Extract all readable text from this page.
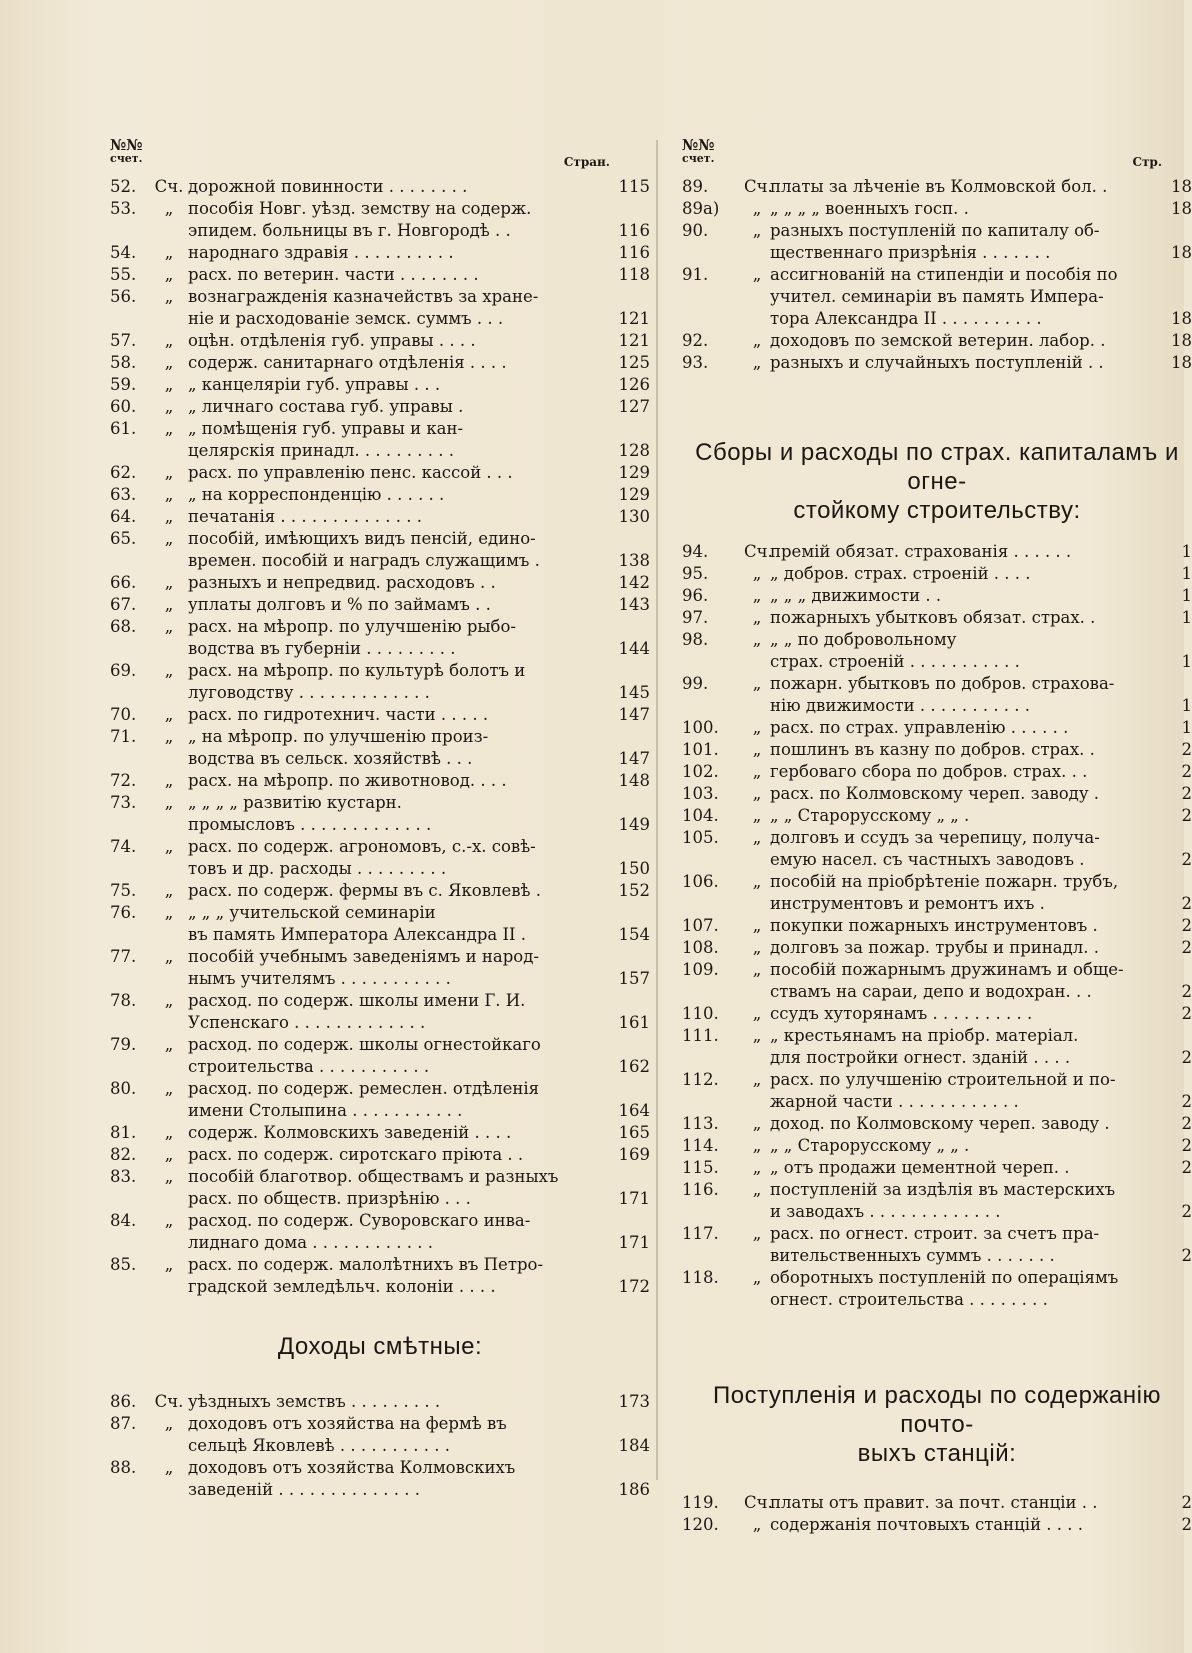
№№
счет.	Стран.
52.	Сч. дорожной повинности . . . . . . . .	115
53.	„ пособія Новг. уѣзд. земству на содерж.
эпидем. больницы въ г. Новгородѣ . .	116
54.	„ народнаго здравія . . . . . . . . . .	116
55.	„ расх. по ветерин. части . . . . . . . .	118
56.	„ вознагражденія казначействъ за хране-
ніе и расходованіе земск. суммъ . . .	121
57.	„ оцѣн. отдѣленія губ. управы . . . .	121
58.	„ содерж. санитарнаго отдѣленія . . . .	125
59.	„ „ канцеляріи губ. управы . . .	126
60.	„ „ личнаго состава губ. управы .	127
61.	„ „ помѣщенія губ. управы и кан-
целярскія принадл. . . . . . . . . .	128
62.	„ расх. по управленію пенс. кассой . . .	129
63.	„ „ на корреспонденцію . . . . . .	129
64.	„ печатанія . . . . . . . . . . . . . .	130
65.	„ пособій, имѣющихъ видъ пенсій, едино-
времен. пособій и наградъ служащимъ .	138
66.	„ разныхъ и непредвид. расходовъ . .	142
67.	„ уплаты долговъ и % по займамъ . .	143
68.	„ расх. на мѣропр. по улучшенію рыбо-
водства въ губерніи . . . . . . . . .	144
69.	„ расх. на мѣропр. по культурѣ болотъ и
луговодству . . . . . . . . . . . . .	145
70.	„ расх. по гидротехнич. части . . . . .	147
71.	„ „ на мѣропр. по улучшенію произ-
водства въ сельск. хозяйствѣ . . .	147
72.	„ расх. на мѣропр. по животновод. . . .	148
73.	„ „ „ „ „ развитію кустарн.
промысловъ . . . . . . . . . . . . .	149
74.	„ расх. по содерж. агрономовъ, с.-х. совѣ-
товъ и др. расходы . . . . . . . . .	150
75.	„ расх. по содерж. фермы въ с. Яковлевѣ .	152
76.	„ „ „ „ учительской семинаріи
въ память Императора Александра II .	154
77.	„ пособій учебнымъ заведеніямъ и народ-
нымъ учителямъ . . . . . . . . . . .	157
78.	„ расход. по содерж. школы имени Г. И.
Успенскаго . . . . . . . . . . . . .	161
79.	„ расход. по содерж. школы огнестойкаго
строительства . . . . . . . . . . .	162
80.	„ расход. по содерж. ремеслен. отдѣленія
имени Столыпина . . . . . . . . . . .	164
81.	„ содерж. Колмовскихъ заведеній . . . .	165
82.	„ расх. по содерж. сиротскаго пріюта . .	169
83.	„ пособій благотвор. обществамъ и разныхъ
расх. по обществ. призрѣнію . . .	171
84.	„ расход. по содерж. Суворовскаго инва-
лиднаго дома . . . . . . . . . . . .	171
85.	„ расх. по содерж. малолѣтнихъ въ Петро-
градской земледѣльч. колоніи . . . .	172
Доходы смѣтные:
86.	Сч. уѣздныхъ земствъ . . . . . . . . .	173
87.	„ доходовъ отъ хозяйства на фермѣ въ
сельцѣ Яковлевѣ . . . . . . . . . . .	184
88.	„ доходовъ отъ хозяйства Колмовскихъ
заведеній . . . . . . . . . . . . . .	186
№№
счет.	Стр.
89.	Сч.
платы за лѣченіе въ Колмовской бол. .	18
89а)	„ „ „ „ „ военныхъ госп. .	18
90.	„ разныхъ поступленій по капиталу об-
щественнаго призрѣнія . . . . . . .	18
91.	„ ассигнованій на стипендіи и пособія по
учител. семинаріи въ память Импера-
тора Александра II . . . . . . . . . .	18
92.	„ доходовъ по земской ветерин. лабор. .	18
93.	„ разныхъ и случайныхъ поступленій . .	18
Сборы и расходы по страх. капиталамъ и огне-
стойкому строительству:
94.	Сч.
премій обязат. страхованія . . . . . .	1
95.	„ „ добров. страх. строеній . . . .	1
96.	„ „ „ „ движимости . .	1
97.	„ пожарныхъ убытковъ обязат. страх. .	1
98.	„ „ „ по добровольному
страх. строеній . . . . . . . . . . .	1
99.	„ пожарн. убытковъ по добров. страхова-
нію движимости . . . . . . . . . . .	1
100.	„ расх. по страх. управленію . . . . . .	1
101.	„ пошлинъ въ казну по добров. страх. .	2
102.	„ гербоваго сбора по добров. страх. . .	2
103.	„ расх. по Колмовскому череп. заводу .	2
104.	„ „ „ Старорусскому „ „ .	2
105.	„ долговъ и ссудъ за черепицу, получа-
емую насел. съ частныхъ заводовъ .	2
106.	„ пособій на пріобрѣтеніе пожарн. трубъ,
инструментовъ и ремонтъ ихъ .	2
107.	„ покупки пожарныхъ инструментовъ .	2
108.	„ долговъ за пожар. трубы и принадл. .	2
109.	„ пособій пожарнымъ дружинамъ и обще-
ствамъ на сараи, депо и водохран. . .	2
110.	„ ссудъ хуторянамъ . . . . . . . . . .	2
111.	„ „ крестьянамъ на пріобр. матеріал.
для постройки огнест. зданій . . . .	2
112.	„ расх. по улучшенію строительной и по-
жарной части . . . . . . . . . . . .	2
113.	„ доход. по Колмовскому череп. заводу .	2
114.	„ „ „ Старорусскому „ „ .	2
115.	„ „ отъ продажи цементной череп. .	2
116.	„ поступленій за издѣлія въ мастерскихъ
и заводахъ . . . . . . . . . . . . .	2
117.	„ расх. по огнест. строит. за счетъ пра-
вительственныхъ суммъ . . . . . . .	2
118.	„ оборотныхъ поступленій по операціямъ
огнест. строительства . . . . . . . .
Поступленія и расходы по содержанію почто-
выхъ станцій:
119.	Сч.
платы отъ правит. за почт. станціи . .	2
120.	„ содержанія почтовыхъ станцій . . . .	2
